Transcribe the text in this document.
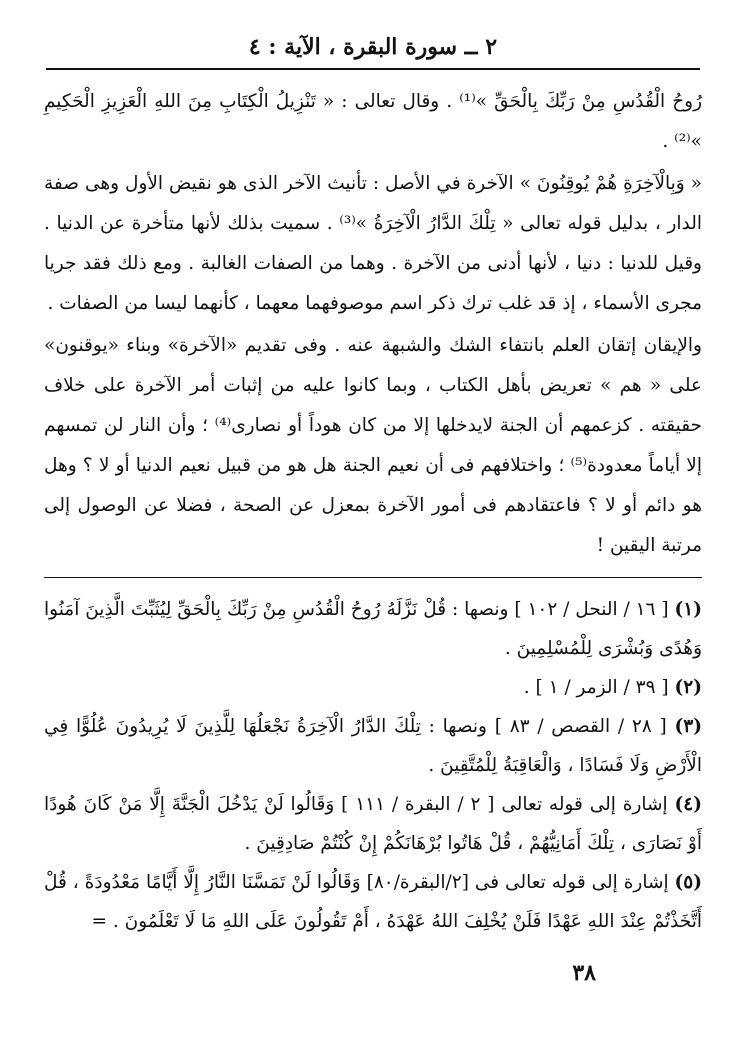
٢ ــ سورة البقرة ، الآية : ٤

رُوحُ الْقُدُسِ مِنْ رَبِّكَ بِالْحَقِّ »⁽¹⁾ . وقال تعالى : « تَنْزِيلُ الْكِتَابِ مِنَ اللهِ الْعَزِيزِ الْحَكِيمِ »⁽²⁾ .

« وَبِالْآخِرَةِ هُمْ يُوقِنُونَ » الآخرة في الأصل : تأنيث الآخر الذى هو نقيض الأول وهى صفة الدار ، بدليل قوله تعالى « تِلْكَ الدَّارُ الْآخِرَةُ »⁽³⁾ . سميت بذلك لأنها متأخرة عن الدنيا . وقيل للدنيا : دنيا ، لأنها أدنى من الآخرة . وهما من الصفات الغالبة . ومع ذلك فقد جريا مجرى الأسماء ، إذ قد غلب ترك ذكر اسم موصوفهما معهما ، كأنهما ليسا من الصفات .

والإيقان إتقان العلم بانتفاء الشك والشبهة عنه . وفى تقديم «الآخرة» وبناء «يوقنون» على « هم » تعريض بأهل الكتاب ، وبما كانوا عليه من إثبات أمر الآخرة على خلاف حقيقته . كزعمهم أن الجنة لايدخلها إلا من كان هوداً أو نصارى⁽⁴⁾ ؛ وأن النار لن تمسهم إلا أياماً معدودة⁽⁵⁾ ؛ واختلافهم فى أن نعيم الجنة هل هو من قبيل نعيم الدنيا أو لا ؟ وهل هو دائم أو لا ؟ فاعتقادهم فى أمور الآخرة بمعزل عن الصحة ، فضلا عن الوصول إلى مرتبة اليقين !

(١) [ ١٦ / النحل / ١٠٢ ] ونصها : قُلْ نَزَّلَهُ رُوحُ الْقُدُسِ مِنْ رَبِّكَ بِالْحَقِّ لِيُثَبِّتَ الَّذِينَ آمَنُوا وَهُدًى وَبُشْرَى لِلْمُسْلِمِينَ .

(٢) [ ٣٩ / الزمر / ١ ] .

(٣) [ ٢٨ / القصص / ٨٣ ] ونصها : تِلْكَ الدَّارُ الْآخِرَةُ نَجْعَلُهَا لِلَّذِينَ لَا يُرِيدُونَ عُلُوًّا فِي الْأَرْضِ وَلَا فَسَادًا ، وَالْعَاقِبَةُ لِلْمُتَّقِينَ .

(٤) إشارة إلى قوله تعالى [ ٢ / البقرة / ١١١ ] وَقَالُوا لَنْ يَدْخُلَ الْجَنَّةَ إِلَّا مَنْ كَانَ هُودًا أَوْ نَصَارَى ، تِلْكَ أَمَانِيُّهُمْ ، قُلْ هَاتُوا بُرْهَانَكُمْ إِنْ كُنْتُمْ صَادِقِينَ .

(٥) إشارة إلى قوله تعالى فى [٢/البقرة/٨٠] وَقَالُوا لَنْ تَمَسَّنَا النَّارُ إِلَّا أَيَّامًا مَعْدُودَةً ، قُلْ أَتَّخَذْتُمْ عِنْدَ اللهِ عَهْدًا فَلَنْ يُخْلِفَ اللهُ عَهْدَهُ ، أَمْ تَقُولُونَ عَلَى اللهِ مَا لَا تَعْلَمُونَ . =

٣٨
